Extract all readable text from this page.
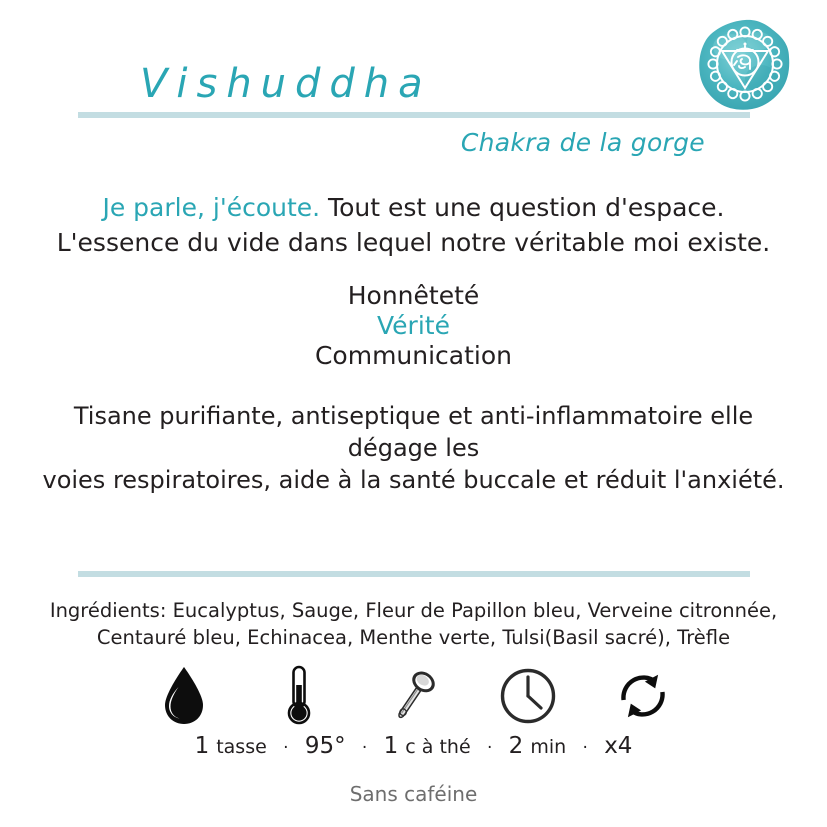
Vishuddha
Chakra de la gorge
Je parle, j'écoute. Tout est une question d'espace.
L'essence du vide dans lequel notre véritable moi existe.
Honnêteté
Vérité
Communication
Tisane purifiante, antiseptique et anti-inflammatoire elle dégage les
voies respiratoires, aide à la santé buccale et réduit l'anxiété.
Ingrédients: Eucalyptus, Sauge, Fleur de Papillon bleu, Verveine citronnée,
Centauré bleu, Echinacea, Menthe verte, Tulsi(Basil sacré), Trèfle
1 tasse · 95° · 1 c à thé · 2 min · x4
Sans caféine
